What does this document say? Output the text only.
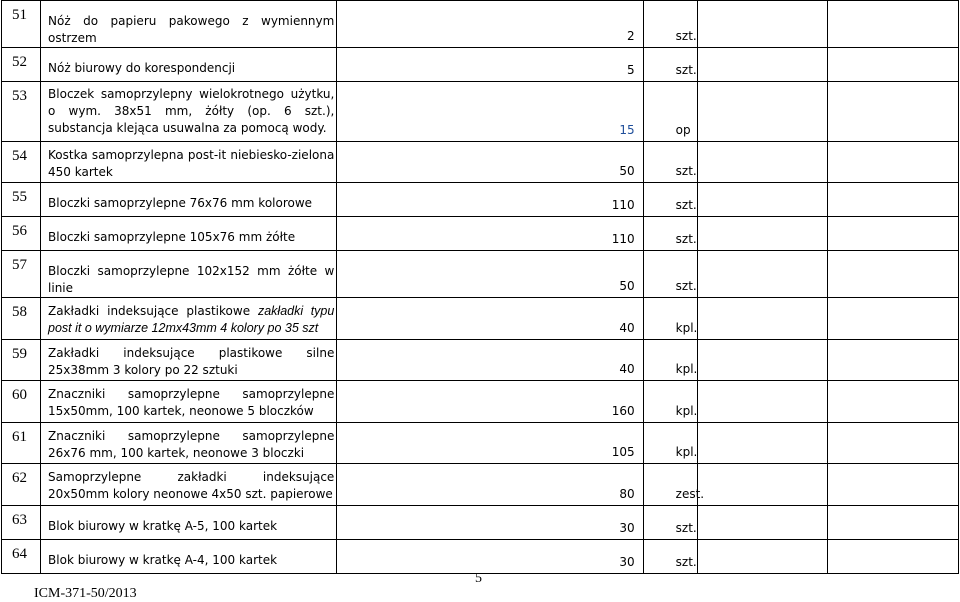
51	Nóż do papieru pakowego z wymiennym ostrzem	2	szt.		
52	Nóż biurowy do korespondencji	5	szt.		
53	Bloczek samoprzylepny wielokrotnego użytku, o wym. 38x51 mm, żółty (op. 6 szt.), substancja klejąca usuwalna za pomocą wody.	15	op		
54	Kostka samoprzylepna post-it niebiesko-zielona 450 kartek	50	szt.		
55	Bloczki samoprzylepne 76x76 mm kolorowe	110	szt.		
56	Bloczki samoprzylepne 105x76 mm żółte	110	szt.		
57	Bloczki samoprzylepne 102x152 mm żółte w linie	50	szt.		
58	Zakładki indeksujące plastikowe zakładki typu post it o wymiarze 12mx43mm 4 kolory po 35 szt	40	kpl.		
59	Zakładki indeksujące plastikowe silne 25x38mm 3 kolory po 22 sztuki	40	kpl.		
60	Znaczniki samoprzylepne samoprzylepne 15x50mm, 100 kartek, neonowe 5 bloczków	160	kpl.		
61	Znaczniki samoprzylepne samoprzylepne 26x76 mm, 100 kartek, neonowe 3 bloczki	105	kpl.		
62	Samoprzylepne zakładki indeksujące 20x50mm kolory neonowe 4x50 szt. papierowe	80	zest.		
63	Blok biurowy w kratkę A-5, 100 kartek	30	szt.		
64	Blok biurowy w kratkę A-4, 100 kartek	30	szt.		
5
ICM-371-50/2013
